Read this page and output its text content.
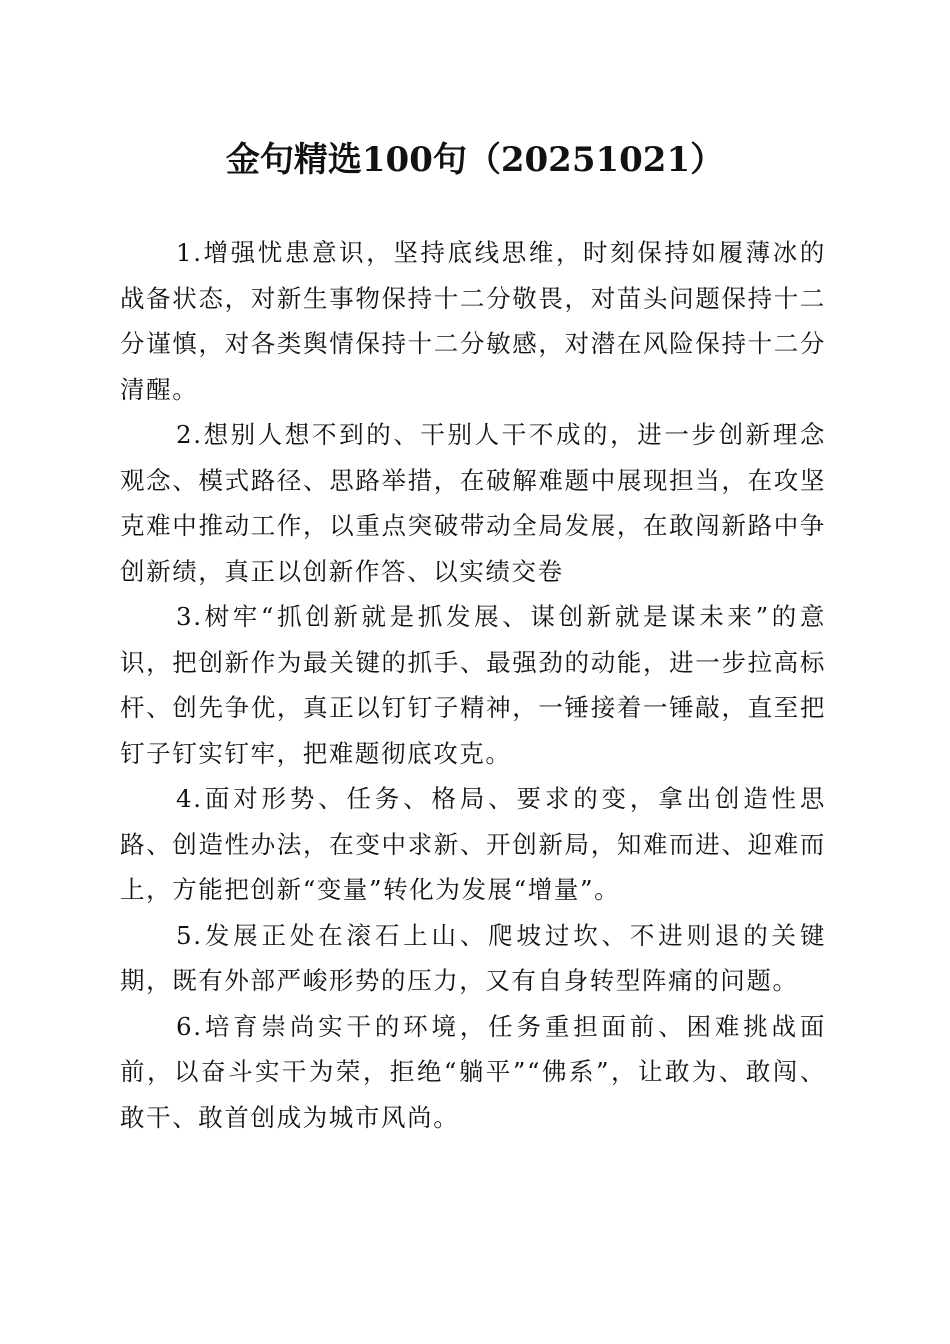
金句精选100句（20251021）

1.增强忧患意识，坚持底线思维，时刻保持如履薄冰的战备状态，对新生事物保持十二分敬畏，对苗头问题保持十二分谨慎，对各类舆情保持十二分敏感，对潜在风险保持十二分清醒。

2.想别人想不到的、干别人干不成的，进一步创新理念观念、模式路径、思路举措，在破解难题中展现担当，在攻坚克难中推动工作，以重点突破带动全局发展，在敢闯新路中争创新绩，真正以创新作答、以实绩交卷

3.树牢“抓创新就是抓发展、谋创新就是谋未来”的意识，把创新作为最关键的抓手、最强劲的动能，进一步拉高标杆、创先争优，真正以钉钉子精神，一锤接着一锤敲，直至把钉子钉实钉牢，把难题彻底攻克。

4.面对形势、任务、格局、要求的变，拿出创造性思路、创造性办法，在变中求新、开创新局，知难而进、迎难而上，方能把创新“变量”转化为发展“增量”。

5.发展正处在滚石上山、爬坡过坎、不进则退的关键期，既有外部严峻形势的压力，又有自身转型阵痛的问题。

6.培育崇尚实干的环境，任务重担面前、困难挑战面前，以奋斗实干为荣，拒绝“躺平”“佛系”，让敢为、敢闯、敢干、敢首创成为城市风尚。
